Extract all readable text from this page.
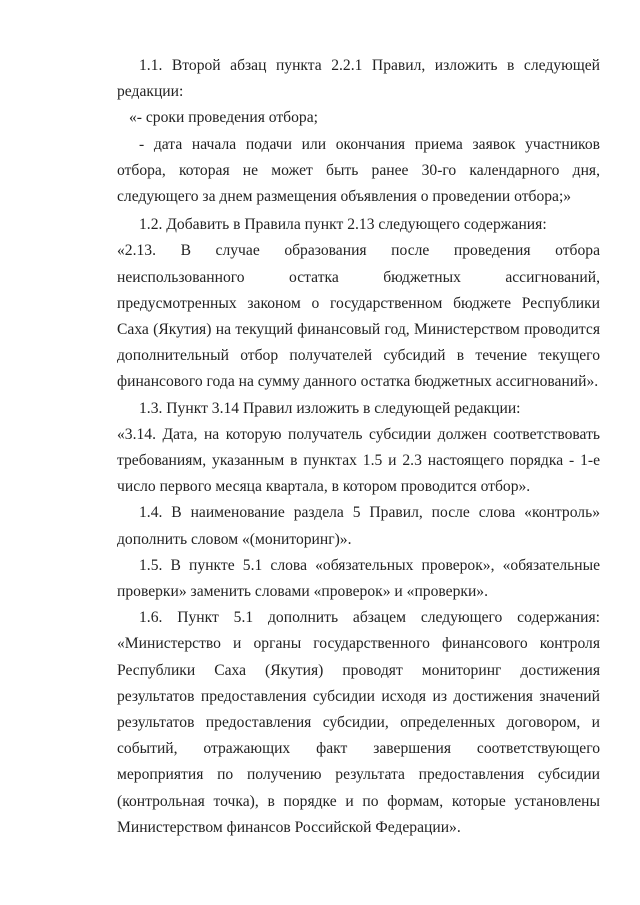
1.1. Второй абзац пункта 2.2.1 Правил, изложить в следующей редакции:

«- сроки проведения отбора;

- дата начала подачи или окончания приема заявок участников отбора, которая не может быть ранее 30-го календарного дня, следующего за днем размещения объявления о проведении отбора;»

1.2. Добавить в Правила пункт 2.13 следующего содержания:

«2.13. В случае образования после проведения отбора неиспользованного остатка бюджетных ассигнований, предусмотренных законом о государственном бюджете Республики Саха (Якутия) на текущий финансовый год, Министерством проводится дополнительный отбор получателей субсидий в течение текущего финансового года на сумму данного остатка бюджетных ассигнований».

1.3. Пункт 3.14 Правил изложить в следующей редакции:

«3.14. Дата, на которую получатель субсидии должен соответствовать требованиям, указанным в пунктах 1.5 и 2.3 настоящего порядка - 1-е число первого месяца квартала, в котором проводится отбор».

1.4. В наименование раздела 5 Правил, после слова «контроль» дополнить словом «(мониторинг)».

1.5. В пункте 5.1 слова «обязательных проверок», «обязательные проверки» заменить словами «проверок» и «проверки».

1.6. Пункт 5.1 дополнить абзацем следующего содержания: «Министерство и органы государственного финансового контроля Республики Саха (Якутия) проводят мониторинг достижения результатов предоставления субсидии исходя из достижения значений результатов предоставления субсидии, определенных договором, и событий, отражающих факт завершения соответствующего мероприятия по получению результата предоставления субсидии (контрольная точка), в порядке и по формам, которые установлены Министерством финансов Российской Федерации».
